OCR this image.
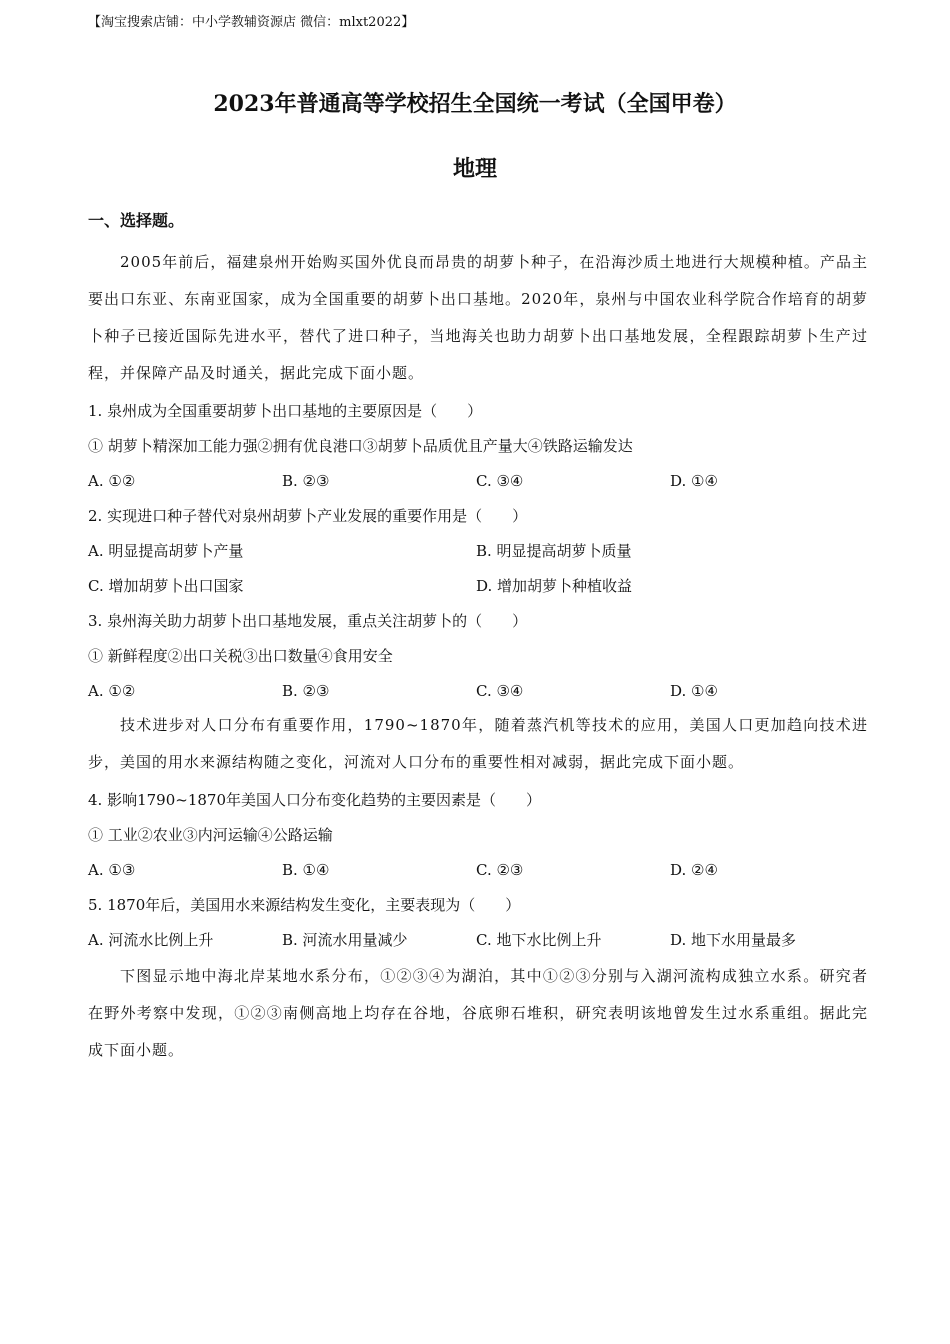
【淘宝搜索店铺：中小学教辅资源店 微信：mlxt2022】
2023年普通高等学校招生全国统一考试（全国甲卷）
地理
一、选择题。

2005年前后，福建泉州开始购买国外优良而昂贵的胡萝卜种子，在沿海沙质土地进行大规模种植。产品主要出口东亚、东南亚国家，成为全国重要的胡萝卜出口基地。2020年，泉州与中国农业科学院合作培育的胡萝卜种子已接近国际先进水平，替代了进口种子，当地海关也助力胡萝卜出口基地发展，全程跟踪胡萝卜生产过程，并保障产品及时通关，据此完成下面小题。

1. 泉州成为全国重要胡萝卜出口基地的主要原因是（　　）
① 胡萝卜精深加工能力强②拥有优良港口③胡萝卜品质优且产量大④铁路运输发达
A. ①②	B. ②③	C. ③④	D. ①④
2. 实现进口种子替代对泉州胡萝卜产业发展的重要作用是（　　）
A. 明显提高胡萝卜产量	B. 明显提高胡萝卜质量
C. 增加胡萝卜出口国家	D. 增加胡萝卜种植收益
3. 泉州海关助力胡萝卜出口基地发展，重点关注胡萝卜的（　　）
① 新鲜程度②出口关税③出口数量④食用安全
A. ①②	B. ②③	C. ③④	D. ①④

技术进步对人口分布有重要作用，1790~1870年，随着蒸汽机等技术的应用，美国人口更加趋向技术进步，美国的用水来源结构随之变化，河流对人口分布的重要性相对减弱，据此完成下面小题。

4. 影响1790~1870年美国人口分布变化趋势的主要因素是（　　）
① 工业②农业③内河运输④公路运输
A. ①③	B. ①④	C. ②③	D. ②④
5. 1870年后，美国用水来源结构发生变化，主要表现为（　　）
A. 河流水比例上升	B. 河流水用量减少	C. 地下水比例上升	D. 地下水用量最多

下图显示地中海北岸某地水系分布，①②③④为湖泊，其中①②③分别与入湖河流构成独立水系。研究者在野外考察中发现，①②③南侧高地上均存在谷地，谷底卵石堆积，研究表明该地曾发生过水系重组。据此完成下面小题。
